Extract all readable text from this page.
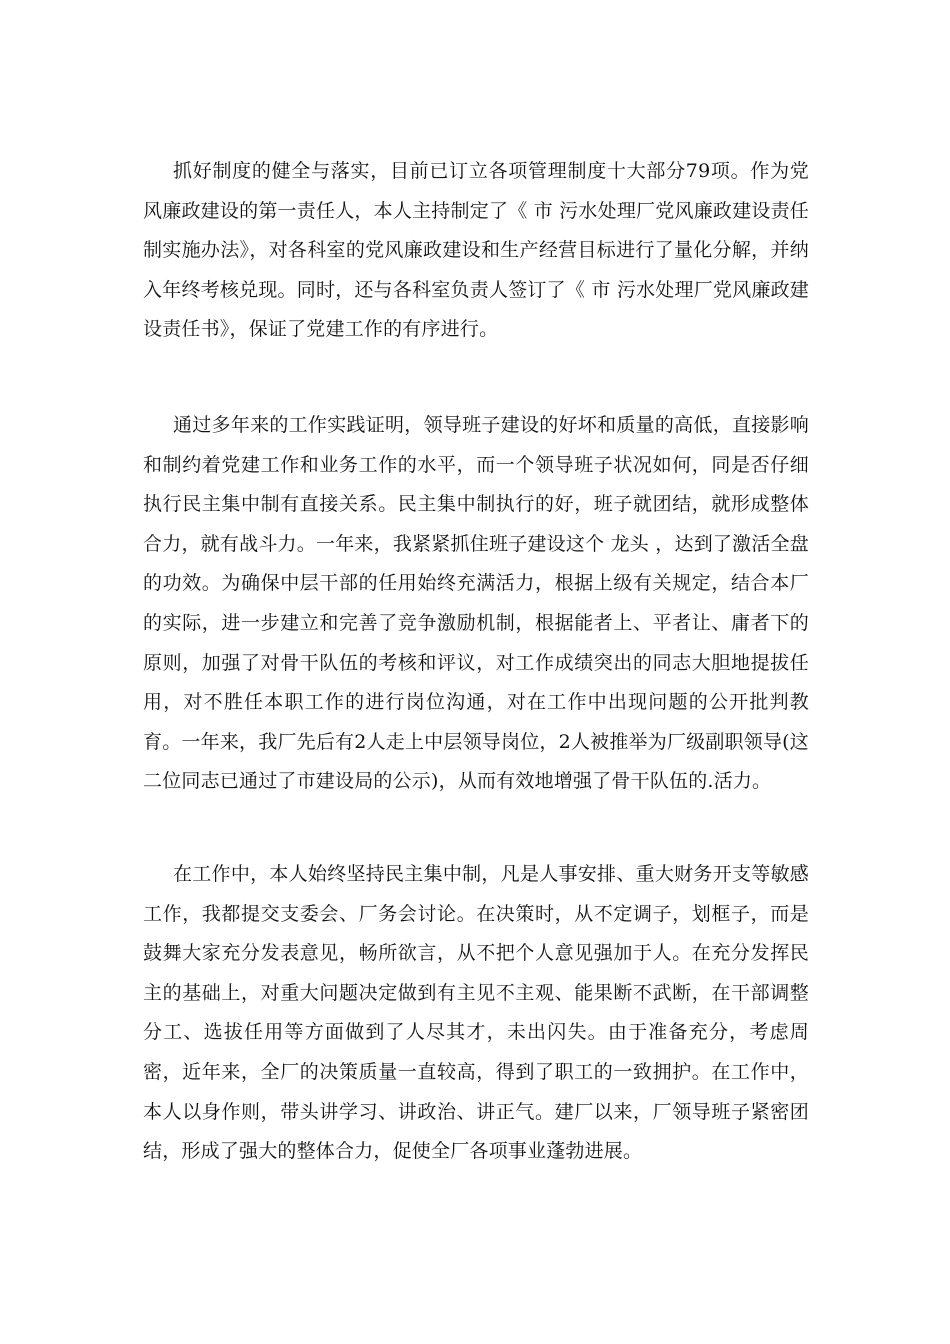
抓好制度的健全与落实，目前已订立各项管理制度十大部分79项。作为党风廉政建设的第一责任人，本人主持制定了《 市 污水处理厂党风廉政建设责任制实施办法》，对各科室的党风廉政建设和生产经营目标进行了量化分解，并纳入年终考核兑现。同时，还与各科室负责人签订了《 市 污水处理厂党风廉政建设责任书》，保证了党建工作的有序进行。

通过多年来的工作实践证明，领导班子建设的好坏和质量的高低，直接影响和制约着党建工作和业务工作的水平，而一个领导班子状况如何，同是否仔细执行民主集中制有直接关系。民主集中制执行的好，班子就团结，就形成整体合力，就有战斗力。一年来，我紧紧抓住班子建设这个 龙头 ，达到了激活全盘的功效。为确保中层干部的任用始终充满活力，根据上级有关规定，结合本厂的实际，进一步建立和完善了竞争激励机制，根据能者上、平者让、庸者下的原则，加强了对骨干队伍的考核和评议，对工作成绩突出的同志大胆地提拔任用，对不胜任本职工作的进行岗位沟通，对在工作中出现问题的公开批判教育。一年来，我厂先后有2人走上中层领导岗位，2人被推举为厂级副职领导(这二位同志已通过了市建设局的公示)，从而有效地增强了骨干队伍的.活力。

在工作中，本人始终坚持民主集中制，凡是人事安排、重大财务开支等敏感工作，我都提交支委会、厂务会讨论。在决策时，从不定调子，划框子，而是鼓舞大家充分发表意见，畅所欲言，从不把个人意见强加于人。在充分发挥民主的基础上，对重大问题决定做到有主见不主观、能果断不武断，在干部调整分工、选拔任用等方面做到了人尽其才，未出闪失。由于准备充分，考虑周密，近年来，全厂的决策质量一直较高，得到了职工的一致拥护。在工作中，本人以身作则，带头讲学习、讲政治、讲正气。建厂以来，厂领导班子紧密团结，形成了强大的整体合力，促使全厂各项事业蓬勃进展。
